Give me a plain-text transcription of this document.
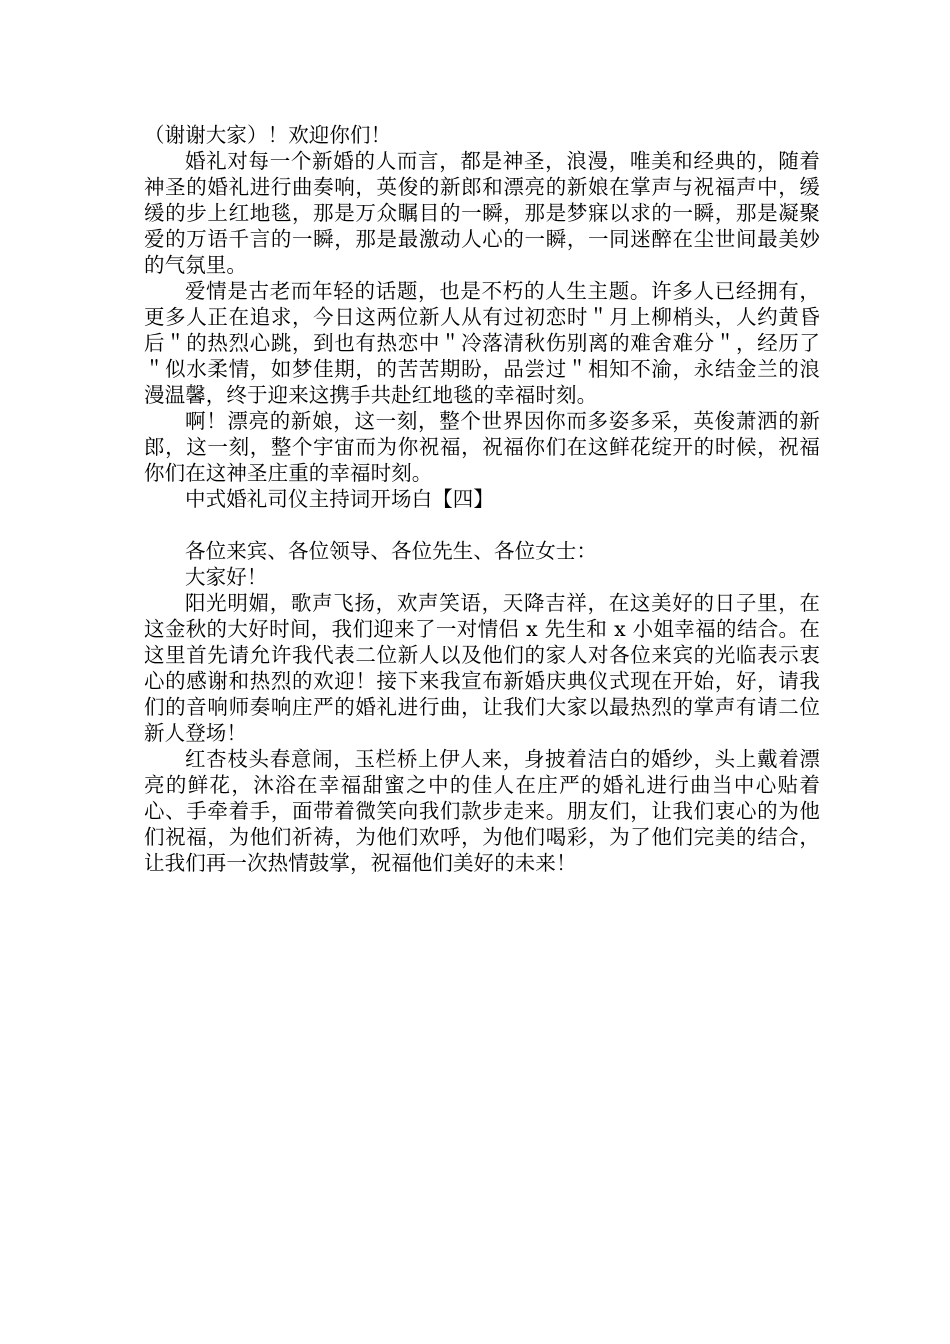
（谢谢大家）！欢迎你们！

婚礼对每一个新婚的人而言，都是神圣，浪漫，唯美和经典的，随着神圣的婚礼进行曲奏响，英俊的新郎和漂亮的新娘在掌声与祝福声中，缓缓的步上红地毯，那是万众瞩目的一瞬，那是梦寐以求的一瞬，那是凝聚爱的万语千言的一瞬，那是最激动人心的一瞬，一同迷醉在尘世间最美妙的气氛里。

爱情是古老而年轻的话题，也是不朽的人生主题。许多人已经拥有，更多人正在追求，今日这两位新人从有过初恋时＂月上柳梢头，人约黄昏后＂的热烈心跳，到也有热恋中＂冷落清秋伤别离的难舍难分＂，经历了＂似水柔情，如梦佳期，的苦苦期盼，品尝过＂相知不渝，永结金兰的浪漫温馨，终于迎来这携手共赴红地毯的幸福时刻。

啊！漂亮的新娘，这一刻，整个世界因你而多姿多采，英俊萧洒的新郎，这一刻，整个宇宙而为你祝福，祝福你们在这鲜花绽开的时候，祝福你们在这神圣庄重的幸福时刻。

中式婚礼司仪主持词开场白【四】

各位来宾、各位领导、各位先生、各位女士：

大家好！

阳光明媚，歌声飞扬，欢声笑语，天降吉祥，在这美好的日子里，在这金秋的大好时间，我们迎来了一对情侣 x 先生和 x 小姐幸福的结合。在这里首先请允许我代表二位新人以及他们的家人对各位来宾的光临表示衷心的感谢和热烈的欢迎！接下来我宣布新婚庆典仪式现在开始，好，请我们的音响师奏响庄严的婚礼进行曲，让我们大家以最热烈的掌声有请二位新人登场！

红杏枝头春意闹，玉栏桥上伊人来，身披着洁白的婚纱，头上戴着漂亮的鲜花，沐浴在幸福甜蜜之中的佳人在庄严的婚礼进行曲当中心贴着心、手牵着手，面带着微笑向我们款步走来。朋友们，让我们衷心的为他们祝福，为他们祈祷，为他们欢呼，为他们喝彩，为了他们完美的结合，让我们再一次热情鼓掌，祝福他们美好的未来！
